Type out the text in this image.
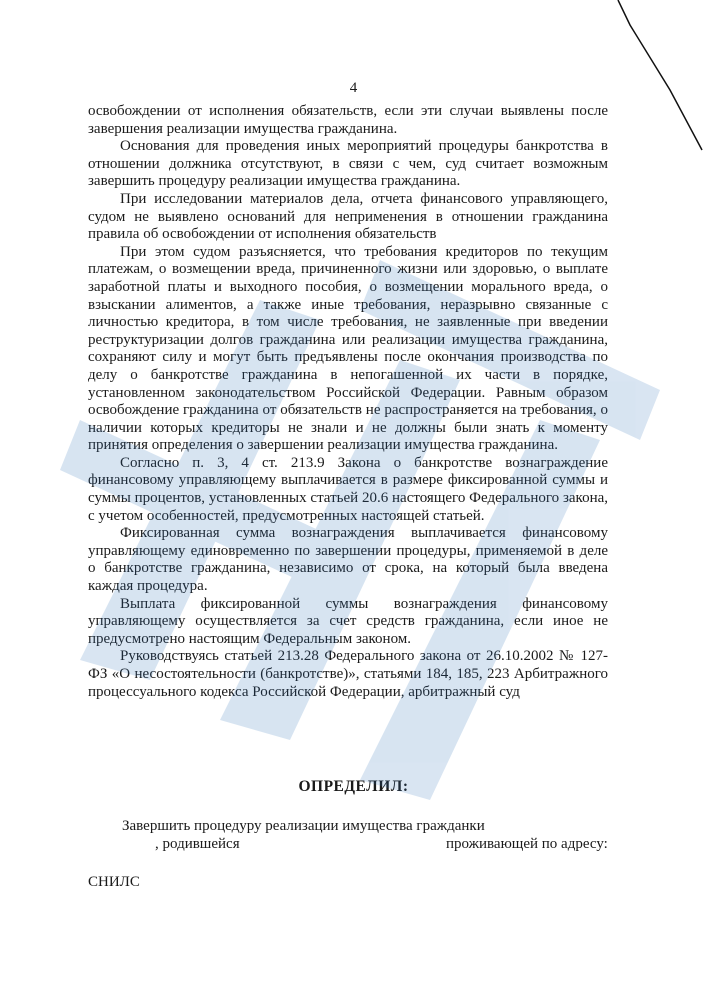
4

освобождении от исполнения обязательств, если эти случаи выявлены после завершения реализации имущества гражданина.

Основания для проведения иных мероприятий процедуры банкротства в отношении должника отсутствуют, в связи с чем, суд считает возможным завершить процедуру реализации имущества гражданина.

При исследовании материалов дела, отчета финансового управляющего, судом не выявлено оснований для неприменения в отношении гражданина правила об освобождении от исполнения обязательств

При этом судом разъясняется, что требования кредиторов по текущим платежам, о возмещении вреда, причиненного жизни или здоровью, о выплате заработной платы и выходного пособия, о возмещении морального вреда, о взыскании алиментов, а также иные требования, неразрывно связанные с личностью кредитора, в том числе требования, не заявленные при введении реструктуризации долгов гражданина или реализации имущества гражданина, сохраняют силу и могут быть предъявлены после окончания производства по делу о банкротстве гражданина в непогашенной их части в порядке, установленном законодательством Российской Федерации. Равным образом освобождение гражданина от обязательств не распространяется на требования, о наличии которых кредиторы не знали и не должны были знать к моменту принятия определения о завершении реализации имущества гражданина.

Согласно п. 3, 4 ст. 213.9 Закона о банкротстве вознаграждение финансовому управляющему выплачивается в размере фиксированной суммы и суммы процентов, установленных статьей 20.6 настоящего Федерального закона, с учетом особенностей, предусмотренных настоящей статьей.

Фиксированная сумма вознаграждения выплачивается финансовому управляющему единовременно по завершении процедуры, применяемой в деле о банкротстве гражданина, независимо от срока, на который была введена каждая процедура.

Выплата фиксированной суммы вознаграждения финансовому управляющему осуществляется за счет средств гражданина, если иное не предусмотрено настоящим Федеральным законом.

Руководствуясь статьей 213.28 Федерального закона от 26.10.2002 № 127-ФЗ «О несостоятельности (банкротстве)», статьями 184, 185, 223 Арбитражного процессуального кодекса Российской Федерации, арбитражный суд

ОПРЕДЕЛИЛ:
Завершить процедуру реализации имущества гражданки
, родившейся	проживающей по адресу:
СНИЛС
